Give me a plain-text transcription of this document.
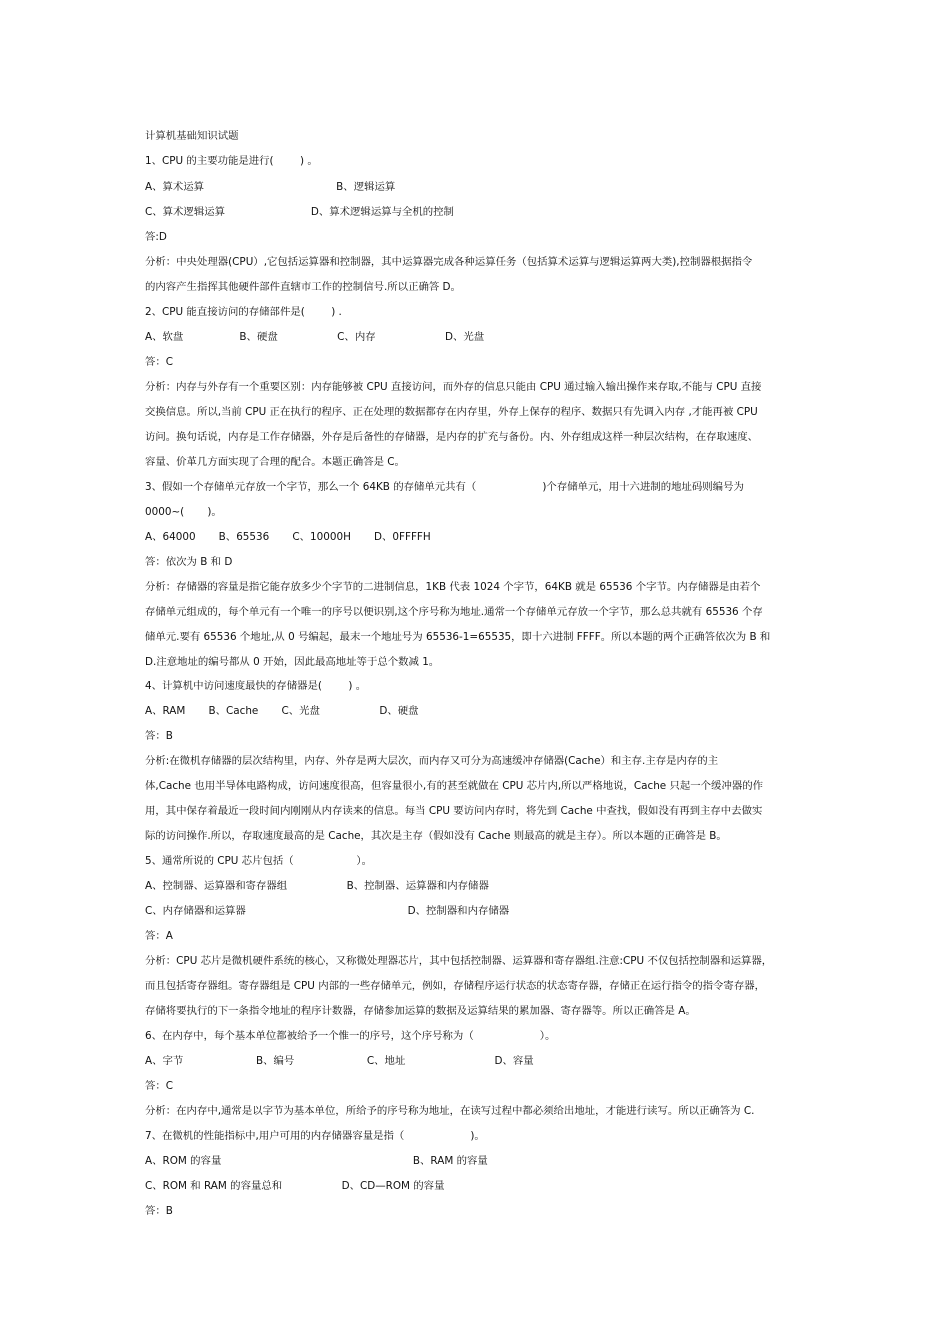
计算机基础知识试题
1、CPU 的主要功能是进行(        ) 。
A、算术运算                                        B、逻辑运算
C、算术逻辑运算                          D、算术逻辑运算与全机的控制
答:D
分析：中央处理器(CPU）,它包括运算器和控制器，其中运算器完成各种运算任务（包括算术运算与逻辑运算两大类),控制器根据指令
的内容产生指挥其他硬件部件直辖市工作的控制信号.所以正确答 D。
2、CPU 能直接访问的存储部件是(        ) .
A、软盘                 B、硬盘                  C、内存                     D、光盘
答：C
分析：内存与外存有一个重要区别：内存能够被 CPU 直接访问，而外存的信息只能由 CPU 通过输入输出操作来存取,不能与 CPU 直接
交换信息。所以,当前 CPU 正在执行的程序、正在处理的数据都存在内存里，外存上保存的程序、数据只有先调入内存 ,才能再被 CPU
访问。换句话说，内存是工作存储器，外存是后备性的存储器，是内存的扩充与备份。内、外存组成这样一种层次结构，在存取速度、
容量、价革几方面实现了合理的配合。本题正确答是 C。
3、假如一个存储单元存放一个字节，那么一个 64KB 的存储单元共有（                    )个存储单元，用十六进制的地址码则编号为
0000~(       )。
A、64000       B、65536       C、10000H       D、0FFFFH
答：依次为 B 和 D
分析：存储器的容量是指它能存放多少个字节的二进制信息，1KB 代表 1024 个字节，64KB 就是 65536 个字节。内存储器是由若个
存储单元组成的，每个单元有一个唯一的序号以便识别,这个序号称为地址.通常一个存储单元存放一个字节，那么总共就有 65536 个存
储单元.要有 65536 个地址,从 0 号编起，最末一个地址号为 65536-1=65535，即十六进制 FFFF。所以本题的两个正确答依次为 B 和
D.注意地址的编号都从 0 开始，因此最高地址等于总个数减 1。
4、计算机中访问速度最快的存储器是(        ) 。
A、RAM       B、Cache       C、光盘                  D、硬盘
答：B
分析:在微机存储器的层次结构里，内存、外存是两大层次，而内存又可分为高速缓冲存储器(Cache）和主存.主存是内存的主
体,Cache 也用半导体电路构成，访问速度很高，但容量很小,有的甚至就做在 CPU 芯片内,所以严格地说，Cache 只起一个缓冲器的作
用，其中保存着最近一段时间内刚刚从内存读来的信息。每当 CPU 要访问内存时，将先到 Cache 中查找，假如没有再到主存中去做实
际的访问操作.所以，存取速度最高的是 Cache，其次是主存（假如没有 Cache 则最高的就是主存）。所以本题的正确答是 B。
5、通常所说的 CPU 芯片包括（                   ）。
A、控制器、运算器和寄存器组                  B、控制器、运算器和内存储器
C、内存储器和运算器                                                 D、控制器和内存储器
答：A
分析：CPU 芯片是微机硬件系统的核心，又称微处理器芯片，其中包括控制器、运算器和寄存器组.注意:CPU 不仅包括控制器和运算器，
而且包括寄存器组。寄存器组是 CPU 内部的一些存储单元，例如，存储程序运行状态的状态寄存器，存储正在运行指令的指令寄存器，
存储将要执行的下一条指令地址的程序计数器，存储参加运算的数据及运算结果的累加器、寄存器等。所以正确答是 A。
6、在内存中，每个基本单位都被给予一个惟一的序号，这个序号称为（                    ）。
A、字节                      B、编号                      C、地址                           D、容量
答：C
分析：在内存中,通常是以字节为基本单位，所给予的序号称为地址，在读写过程中都必须给出地址，才能进行读写。所以正确答为 C.
7、在微机的性能指标中,用户可用的内存储器容量是指（                    )。
A、ROM 的容量                                                          B、RAM 的容量
C、ROM 和 RAM 的容量总和                  D、CD—ROM 的容量
答：B
